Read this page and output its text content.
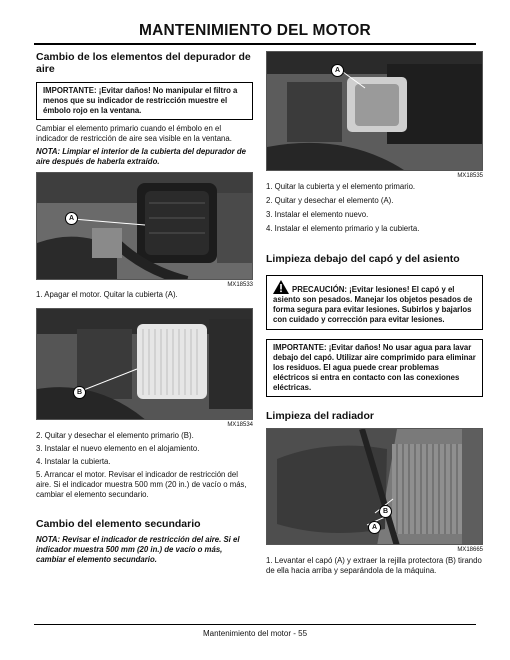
MANTENIMIENTO DEL MOTOR
Cambio de los elementos del depurador de aire
IMPORTANTE: ¡Evitar daños! No manipular el filtro a menos que su indicador de restricción muestre el émbolo rojo en la ventana.
Cambiar el elemento primario cuando el émbolo en el indicador de restricción de aire sea visible en la ventana.
NOTA: Limpiar el interior de la cubierta del depurador de aire después de haberla extraído.
A
MX18533
1. Apagar el motor. Quitar la cubierta (A).
B
MX18534
2. Quitar y desechar el elemento primario (B).
3. Instalar el nuevo elemento en el alojamiento.
4. Instalar la cubierta.
5. Arrancar el motor. Revisar el indicador de restricción del aire. Si el indicador muestra 500 mm (20 in.) de vacío o más, cambiar el elemento secundario.
Cambio del elemento secundario
NOTA: Revisar el indicador de restricción del aire. Si el indicador muestra 500 mm (20 in.) de vacío o más, cambiar el elemento secundario.
A
MX18535
1. Quitar la cubierta y el elemento primario.
2. Quitar y desechar el elemento (A).
3. Instalar el elemento nuevo.
4. Instalar el elemento primario y la cubierta.
Limpieza debajo del capó y del asiento
PRECAUCIÓN: ¡Evitar lesiones! El capó y el asiento son pesados. Manejar los objetos pesados de forma segura para evitar lesiones. Subirlos y bajarlos con cuidado y corrección para evitar lesiones.
IMPORTANTE: ¡Evitar daños! No usar agua para lavar debajo del capó. Utilizar aire comprimido para eliminar los residuos. El agua puede crear problemas eléctricos si entra en contacto con las conexiones eléctricas.
Limpieza del radiador
B
A
MX18665
1. Levantar el capó (A) y extraer la rejilla protectora (B) tirando de ella hacia arriba y separándola de la máquina.
Mantenimiento del motor - 55
